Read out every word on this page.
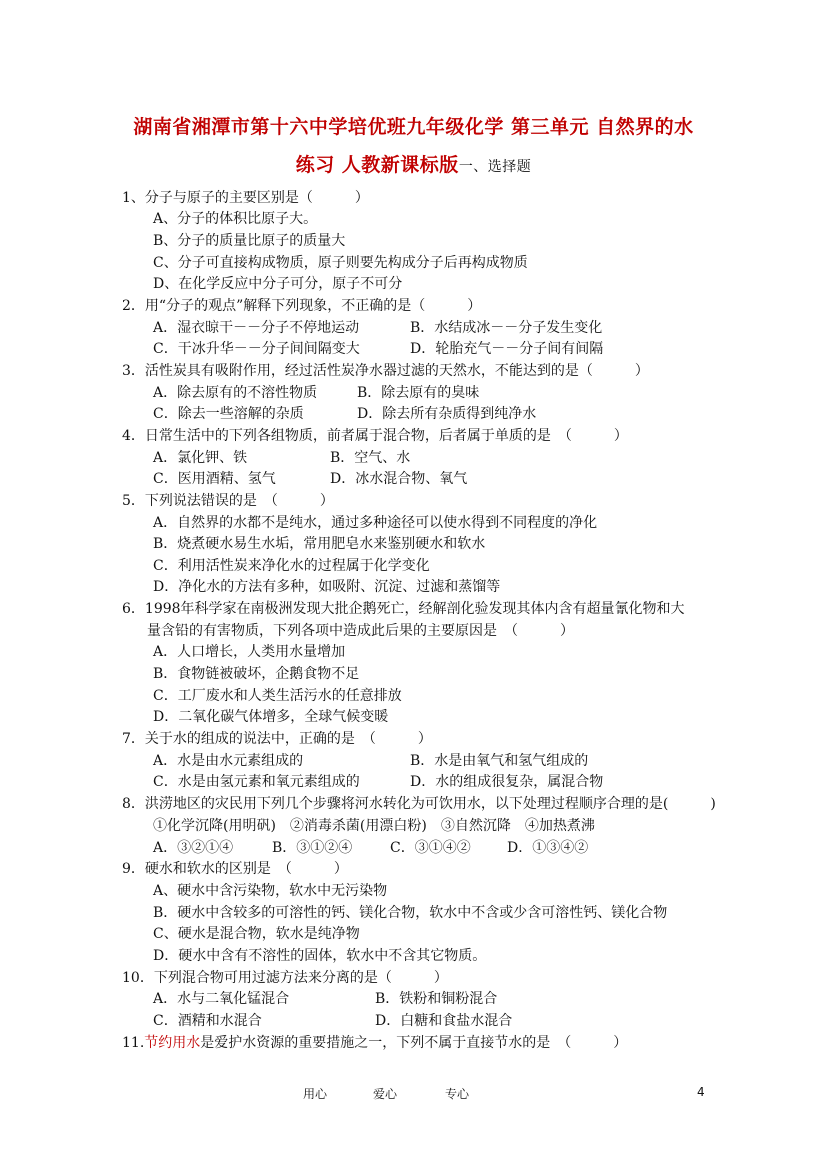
湖南省湘潭市第十六中学培优班九年级化学 第三单元 自然界的水
练习 人教新课标版一、选择题
1、分子与原子的主要区别是（　　　）
A、分子的体积比原子大。
B、分子的质量比原子的质量大
C、分子可直接构成物质，原子则要先构成分子后再构成物质
D、在化学反应中分子可分，原子不可分
2．用“分子的观点”解释下列现象，不正确的是（　　　）
A．湿衣晾干－－分子不停地运动	B．水结成冰－－分子发生变化
C．干冰升华－－分子间间隔变大	D．轮胎充气－－分子间有间隔
3．活性炭具有吸附作用，经过活性炭净水器过滤的天然水，不能达到的是（　　　）
A．除去原有的不溶性物质	B．除去原有的臭味
C．除去一些溶解的杂质	D．除去所有杂质得到纯净水
4．日常生活中的下列各组物质，前者属于混合物，后者属于单质的是　（　　　）
A．氯化钾、铁	B．空气、水
C．医用酒精、氢气	D．冰水混合物、氧气
5．下列说法错误的是　（　　　）
A．自然界的水都不是纯水，通过多种途径可以使水得到不同程度的净化
B．烧煮硬水易生水垢，常用肥皂水来鉴别硬水和软水
C．利用活性炭来净化水的过程属于化学变化
D．净化水的方法有多种，如吸附、沉淀、过滤和蒸馏等
6．1998年科学家在南极洲发现大批企鹅死亡，经解剖化验发现其体内含有超量氰化物和大
量含铅的有害物质，下列各项中造成此后果的主要原因是　（　　　）
A．人口增长，人类用水量增加
B．食物链被破坏，企鹅食物不足
C．工厂废水和人类生活污水的任意排放
D．二氧化碳气体增多，全球气候变暖
7．关于水的组成的说法中，正确的是　（　　　）
A．水是由水元素组成的	B．水是由氧气和氢气组成的
C．水是由氢元素和氧元素组成的	D．水的组成很复杂，属混合物
8．洪涝地区的灾民用下列几个步骤将河水转化为可饮用水，以下处理过程顺序合理的是(　　　)
①化学沉降(用明矾)　②消毒杀菌(用漂白粉)　③自然沉降　④加热煮沸
A．③②①④	B．③①②④	C．③①④②	D．①③④②
9．硬水和软水的区别是　（　　　）
A、硬水中含污染物，软水中无污染物
B．硬水中含较多的可溶性的钙、镁化合物，软水中不含或少含可溶性钙、镁化合物
C、硬水是混合物，软水是纯净物
D．硬水中含有不溶性的固体，软水中不含其它物质。
10．下列混合物可用过滤方法来分离的是（　　　）
A．水与二氧化锰混合	B．铁粉和铜粉混合
C．酒精和水混合	D．白糖和食盐水混合
11.节约用水是爱护水资源的重要措施之一，下列不属于直接节水的是　（　　　）
用心	爱心	专心	4
